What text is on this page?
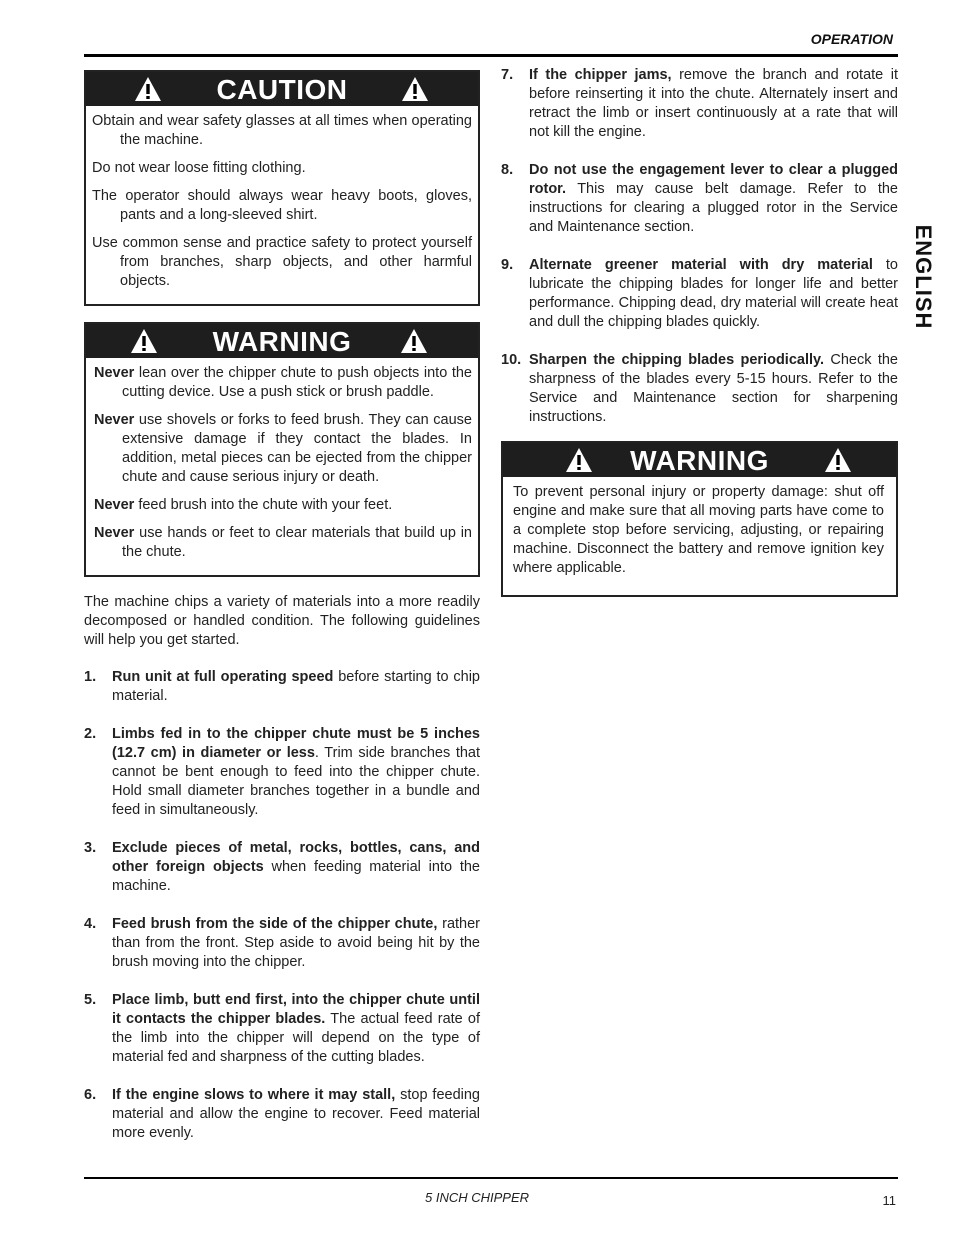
OPERATION
ENGLISH
CAUTION

Obtain and wear safety glasses at all times when operating the machine.

Do not wear loose fitting clothing.

The operator should always wear heavy boots, gloves, pants and a long-sleeved shirt.

Use common sense and practice safety to protect yourself from branches, sharp objects, and other harmful objects.

WARNING

Never lean over the chipper chute to push objects into the cutting device. Use a push stick or brush paddle.

Never use shovels or forks to feed brush. They can cause extensive damage if they contact the blades. In addition, metal pieces can be ejected from the chipper chute and cause serious injury or death.

Never feed brush into the chute with your feet.

Never use hands or feet to clear materials that build up in the chute.

The machine chips a variety of materials into a more readily decomposed or handled condition. The following guidelines will help you get started.

1. Run unit at full operating speed before starting to chip material.
2. Limbs fed in to the chipper chute must be 5 inches (12.7 cm) in diameter or less. Trim side branches that cannot be bent enough to feed into the chipper chute. Hold small diameter branches together in a bundle and feed in simultaneously.
3. Exclude pieces of metal, rocks, bottles, cans, and other foreign objects when feeding material into the machine.
4. Feed brush from the side of the chipper chute, rather than from the front. Step aside to avoid being hit by the brush moving into the chipper.
5. Place limb, butt end first, into the chipper chute until it contacts the chipper blades. The actual feed rate of the limb into the chipper will depend on the type of material fed and sharpness of the cutting blades.
6. If the engine slows to where it may stall, stop feeding material and allow the engine to recover. Feed material more evenly.
7. If the chipper jams, remove the branch and rotate it before reinserting it into the chute. Alternately insert and retract the limb or insert continuously at a rate that will not kill the engine.
8. Do not use the engagement lever to clear a plugged rotor. This may cause belt damage. Refer to the instructions for clearing a plugged rotor in the Service and Maintenance section.
9. Alternate greener material with dry material to lubricate the chipping blades for longer life and better performance. Chipping dead, dry material will create heat and dull the chipping blades quickly.
10. Sharpen the chipping blades periodically. Check the sharpness of the blades every 5-15 hours. Refer to the Service and Maintenance section for sharpening instructions.
WARNING

To prevent personal injury or property damage: shut off engine and make sure that all moving parts have come to a complete stop before servicing, adjusting, or repairing machine. Disconnect the battery and remove ignition key where applicable.

5 INCH CHIPPER	11
